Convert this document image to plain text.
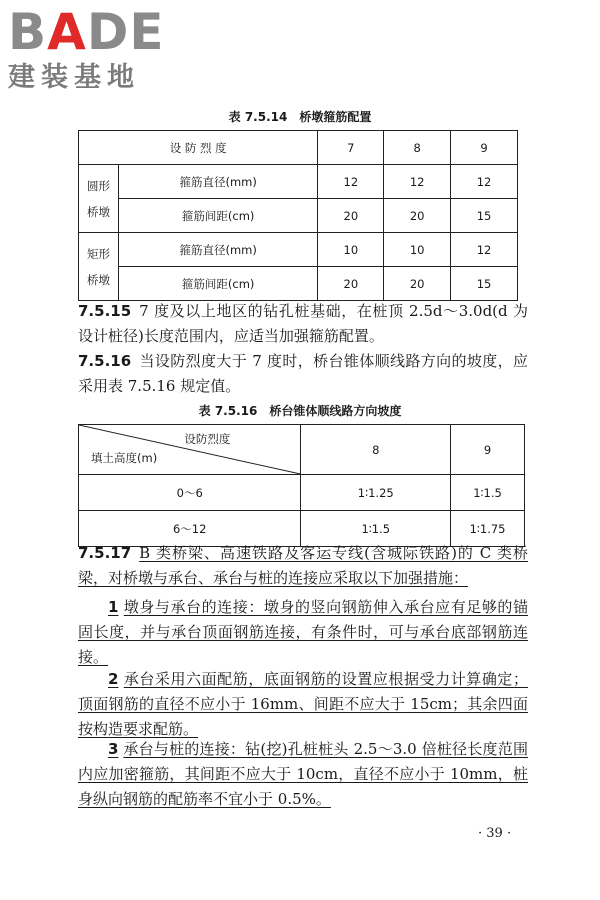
BADE
建装基地
表 7.5.14　桥墩箍筋配置
设 防 烈 度		7	8	9
圆形
桥墩	箍筋直径(mm)	12	12	12
	箍筋间距(cm)	20	20	15
矩形
桥墩	箍筋直径(mm)	10	10	12
	箍筋间距(cm)	20	20	15
7.5.15 7 度及以上地区的钻孔桩基础，在桩顶 2.5d～3.0d(d 为设计桩径)长度范围内，应适当加强箍筋配置。
7.5.16 当设防烈度大于 7 度时，桥台锥体顺线路方向的坡度，应采用表 7.5.16 规定值。
表 7.5.16　桥台锥体顺线路方向坡度
设防烈度
填土高度(m)	8	9
0～6	1∶1.25	1∶1.5
6～12	1∶1.5	1∶1.75
7.5.17 B 类桥梁、高速铁路及客运专线(含城际铁路)的 C 类桥梁，对桥墩与承台、承台与桩的连接应采取以下加强措施：
1 墩身与承台的连接：墩身的竖向钢筋伸入承台应有足够的锚固长度，并与承台顶面钢筋连接，有条件时，可与承台底部钢筋连接。
2 承台采用六面配筋，底面钢筋的设置应根据受力计算确定；顶面钢筋的直径不应小于 16mm、间距不应大于 15cm；其余四面按构造要求配筋。
3 承台与桩的连接：钻(挖)孔桩桩头 2.5～3.0 倍桩径长度范围内应加密箍筋，其间距不应大于 10cm，直径不应小于 10mm，桩身纵向钢筋的配筋率不宜小于 0.5%。
· 39 ·
